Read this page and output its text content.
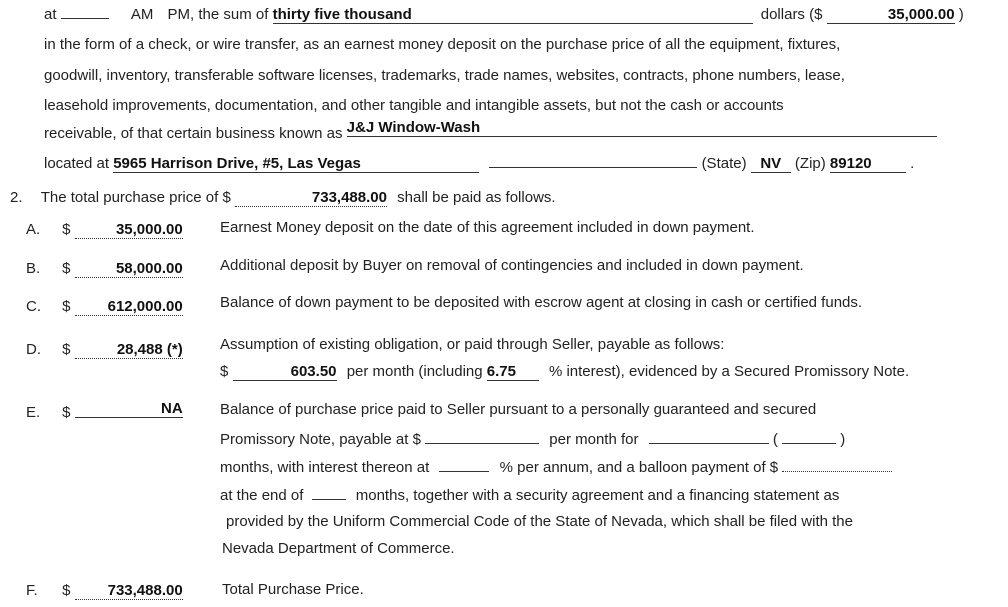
at	AM PM, the sum of thirty five thousand	dollars ($	35,000.00 )
in the form of a check, or wire transfer, as an earnest money deposit on the purchase price of all the equipment, fixtures,
goodwill, inventory, transferable software licenses, trademarks, trade names, websites, contracts, phone numbers, lease,
leasehold improvements, documentation, and other tangible and intangible assets, but not the cash or accounts
receivable, of that certain business known as J&J Window-Wash
located at 5965 Harrison Drive, #5, Las Vegas	(State) NV (Zip) 89120	.
2. The total purchase price of $	733,488.00 shall be paid as follows.
A. $	35,000.00 Earnest Money deposit on the date of this agreement included in down payment.
B. $	58,000.00 Additional deposit by Buyer on removal of contingencies and included in down payment.
C. $ 612,000.00 Balance of down payment to be deposited with escrow agent at closing in cash or certified funds.
D. $	28,488 (*) Assumption of existing obligation, or paid through Seller, payable as follows:
$	603.50 per month (including 6.75 % interest), evidenced by a Secured Promissory Note.
E. $	NA Balance of purchase price paid to Seller pursuant to a personally guaranteed and secured
Promissory Note, payable at $	per month for	(	)
months, with interest thereon at	% per annum, and a balloon payment of $
at the end of	months, together with a security agreement and a financing statement as
provided by the Uniform Commercial Code of the State of Nevada, which shall be filed with the
Nevada Department of Commerce.
F. $ 733,488.00	Total Purchase Price.
